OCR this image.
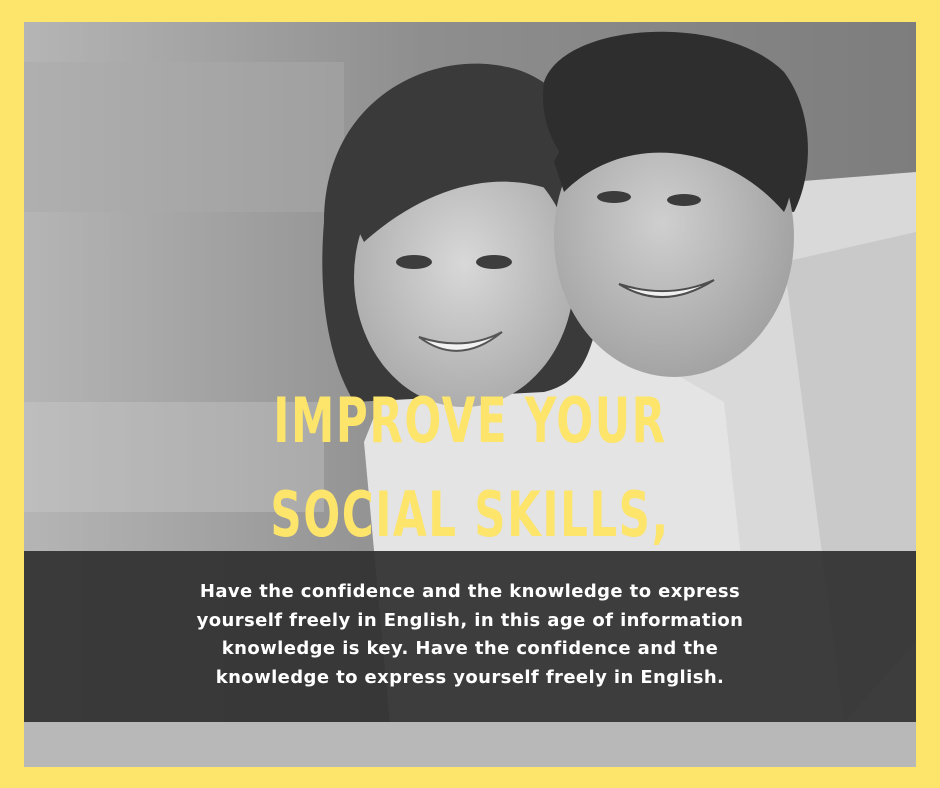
IMPROVE YOUR
SOCIAL SKILLS,

Have the confidence and the knowledge to express
yourself freely in English, in this age of information
knowledge is key. Have the confidence and the
knowledge to express yourself freely in English.
